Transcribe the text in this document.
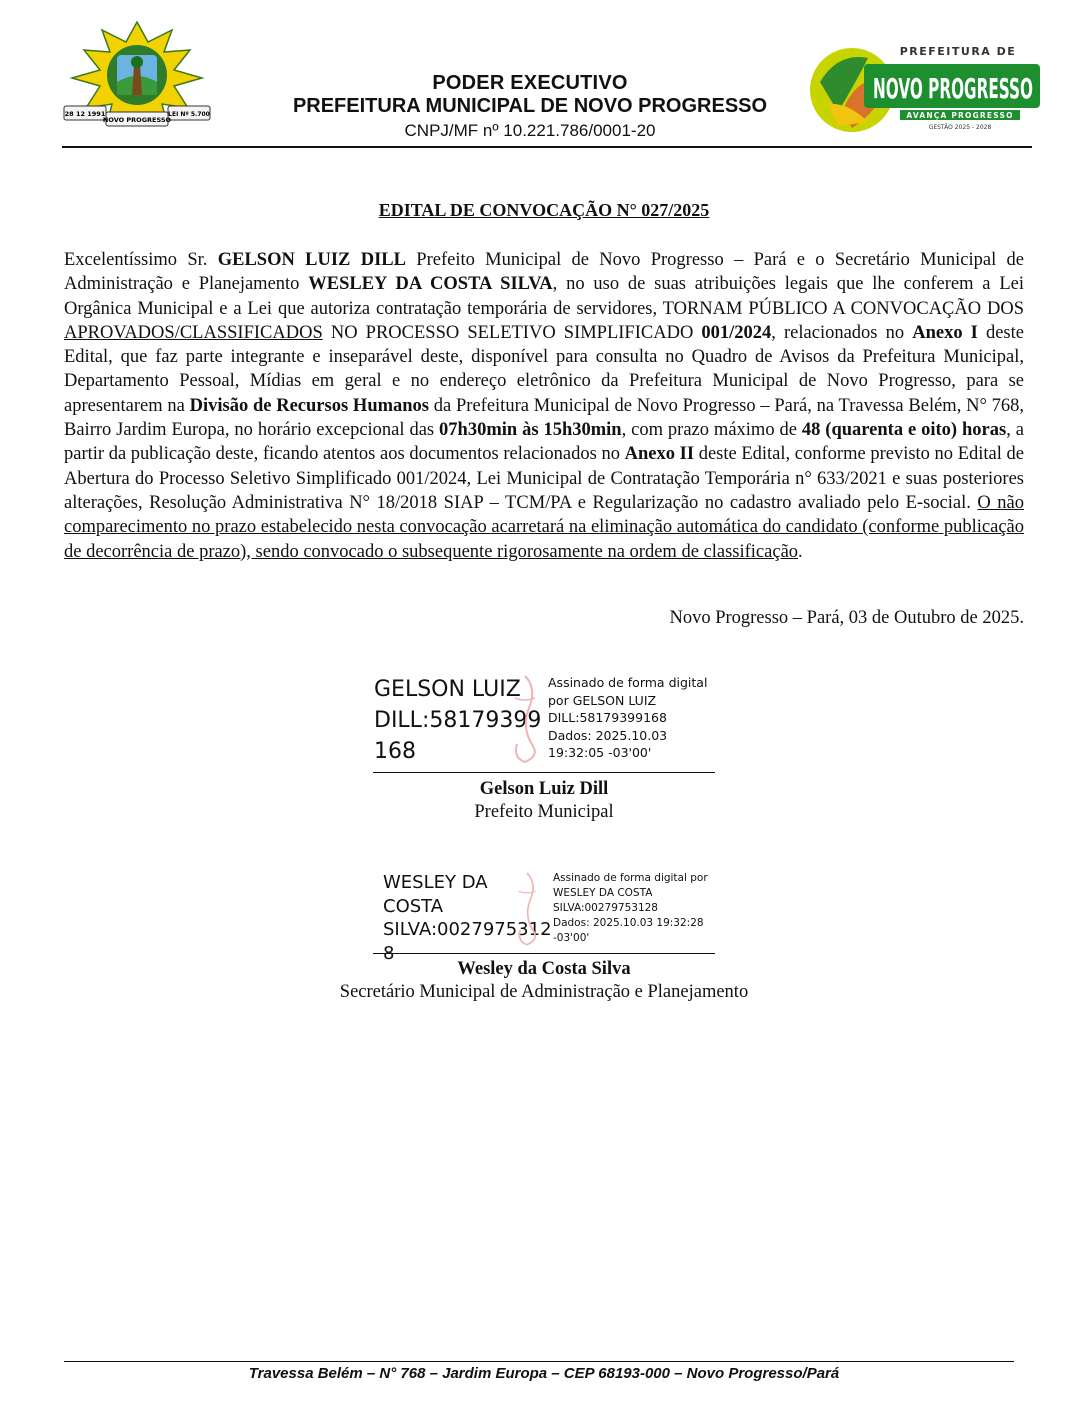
28 12 1991
NOVO PROGRESSO
LEI Nº 5.700
PODER EXECUTIVO
PREFEITURA MUNICIPAL DE NOVO PROGRESSO
CNPJ/MF nº 10.221.786/0001-20
PREFEITURA DE
NOVO PROGRESSO
AVANÇA PROGRESSO
GESTÃO 2025 - 2028
EDITAL DE CONVOCAÇÃO N° 027/2025
Excelentíssimo Sr. GELSON LUIZ DILL Prefeito Municipal de Novo Progresso – Pará e o Secretário Municipal de Administração e Planejamento WESLEY DA COSTA SILVA, no uso de suas atribuições legais que lhe conferem a Lei Orgânica Municipal e a Lei que autoriza contratação temporária de servidores, TORNAM PÚBLICO A CONVOCAÇÃO DOS APROVADOS/CLASSIFICADOS NO PROCESSO SELETIVO SIMPLIFICADO 001/2024, relacionados no Anexo I deste Edital, que faz parte integrante e inseparável deste, disponível para consulta no Quadro de Avisos da Prefeitura Municipal, Departamento Pessoal, Mídias em geral e no endereço eletrônico da Prefeitura Municipal de Novo Progresso, para se apresentarem na Divisão de Recursos Humanos da Prefeitura Municipal de Novo Progresso – Pará, na Travessa Belém, N° 768, Bairro Jardim Europa, no horário excepcional das 07h30min às 15h30min, com prazo máximo de 48 (quarenta e oito) horas, a partir da publicação deste, ficando atentos aos documentos relacionados no Anexo II deste Edital, conforme previsto no Edital de Abertura do Processo Seletivo Simplificado 001/2024, Lei Municipal de Contratação Temporária n° 633/2021 e suas posteriores alterações, Resolução Administrativa N° 18/2018 SIAP – TCM/PA e Regularização no cadastro avaliado pelo E-social. O não comparecimento no prazo estabelecido nesta convocação acarretará na eliminação automática do candidato (conforme publicação de decorrência de prazo), sendo convocado o subsequente rigorosamente na ordem de classificação.
Novo Progresso – Pará, 03 de Outubro de 2025.
GELSON LUIZ
DILL:58179399
168
Assinado de forma digital
por GELSON LUIZ
DILL:58179399168
Dados: 2025.10.03
19:32:05 -03'00'
Gelson Luiz Dill
Prefeito Municipal
WESLEY DA COSTA
SILVA:0027975312
8
Assinado de forma digital por
WESLEY DA COSTA
SILVA:00279753128
Dados: 2025.10.03 19:32:28
-03'00'
Wesley da Costa Silva
Secretário Municipal de Administração e Planejamento
Travessa Belém – N° 768 – Jardim Europa – CEP 68193-000 – Novo Progresso/Pará
